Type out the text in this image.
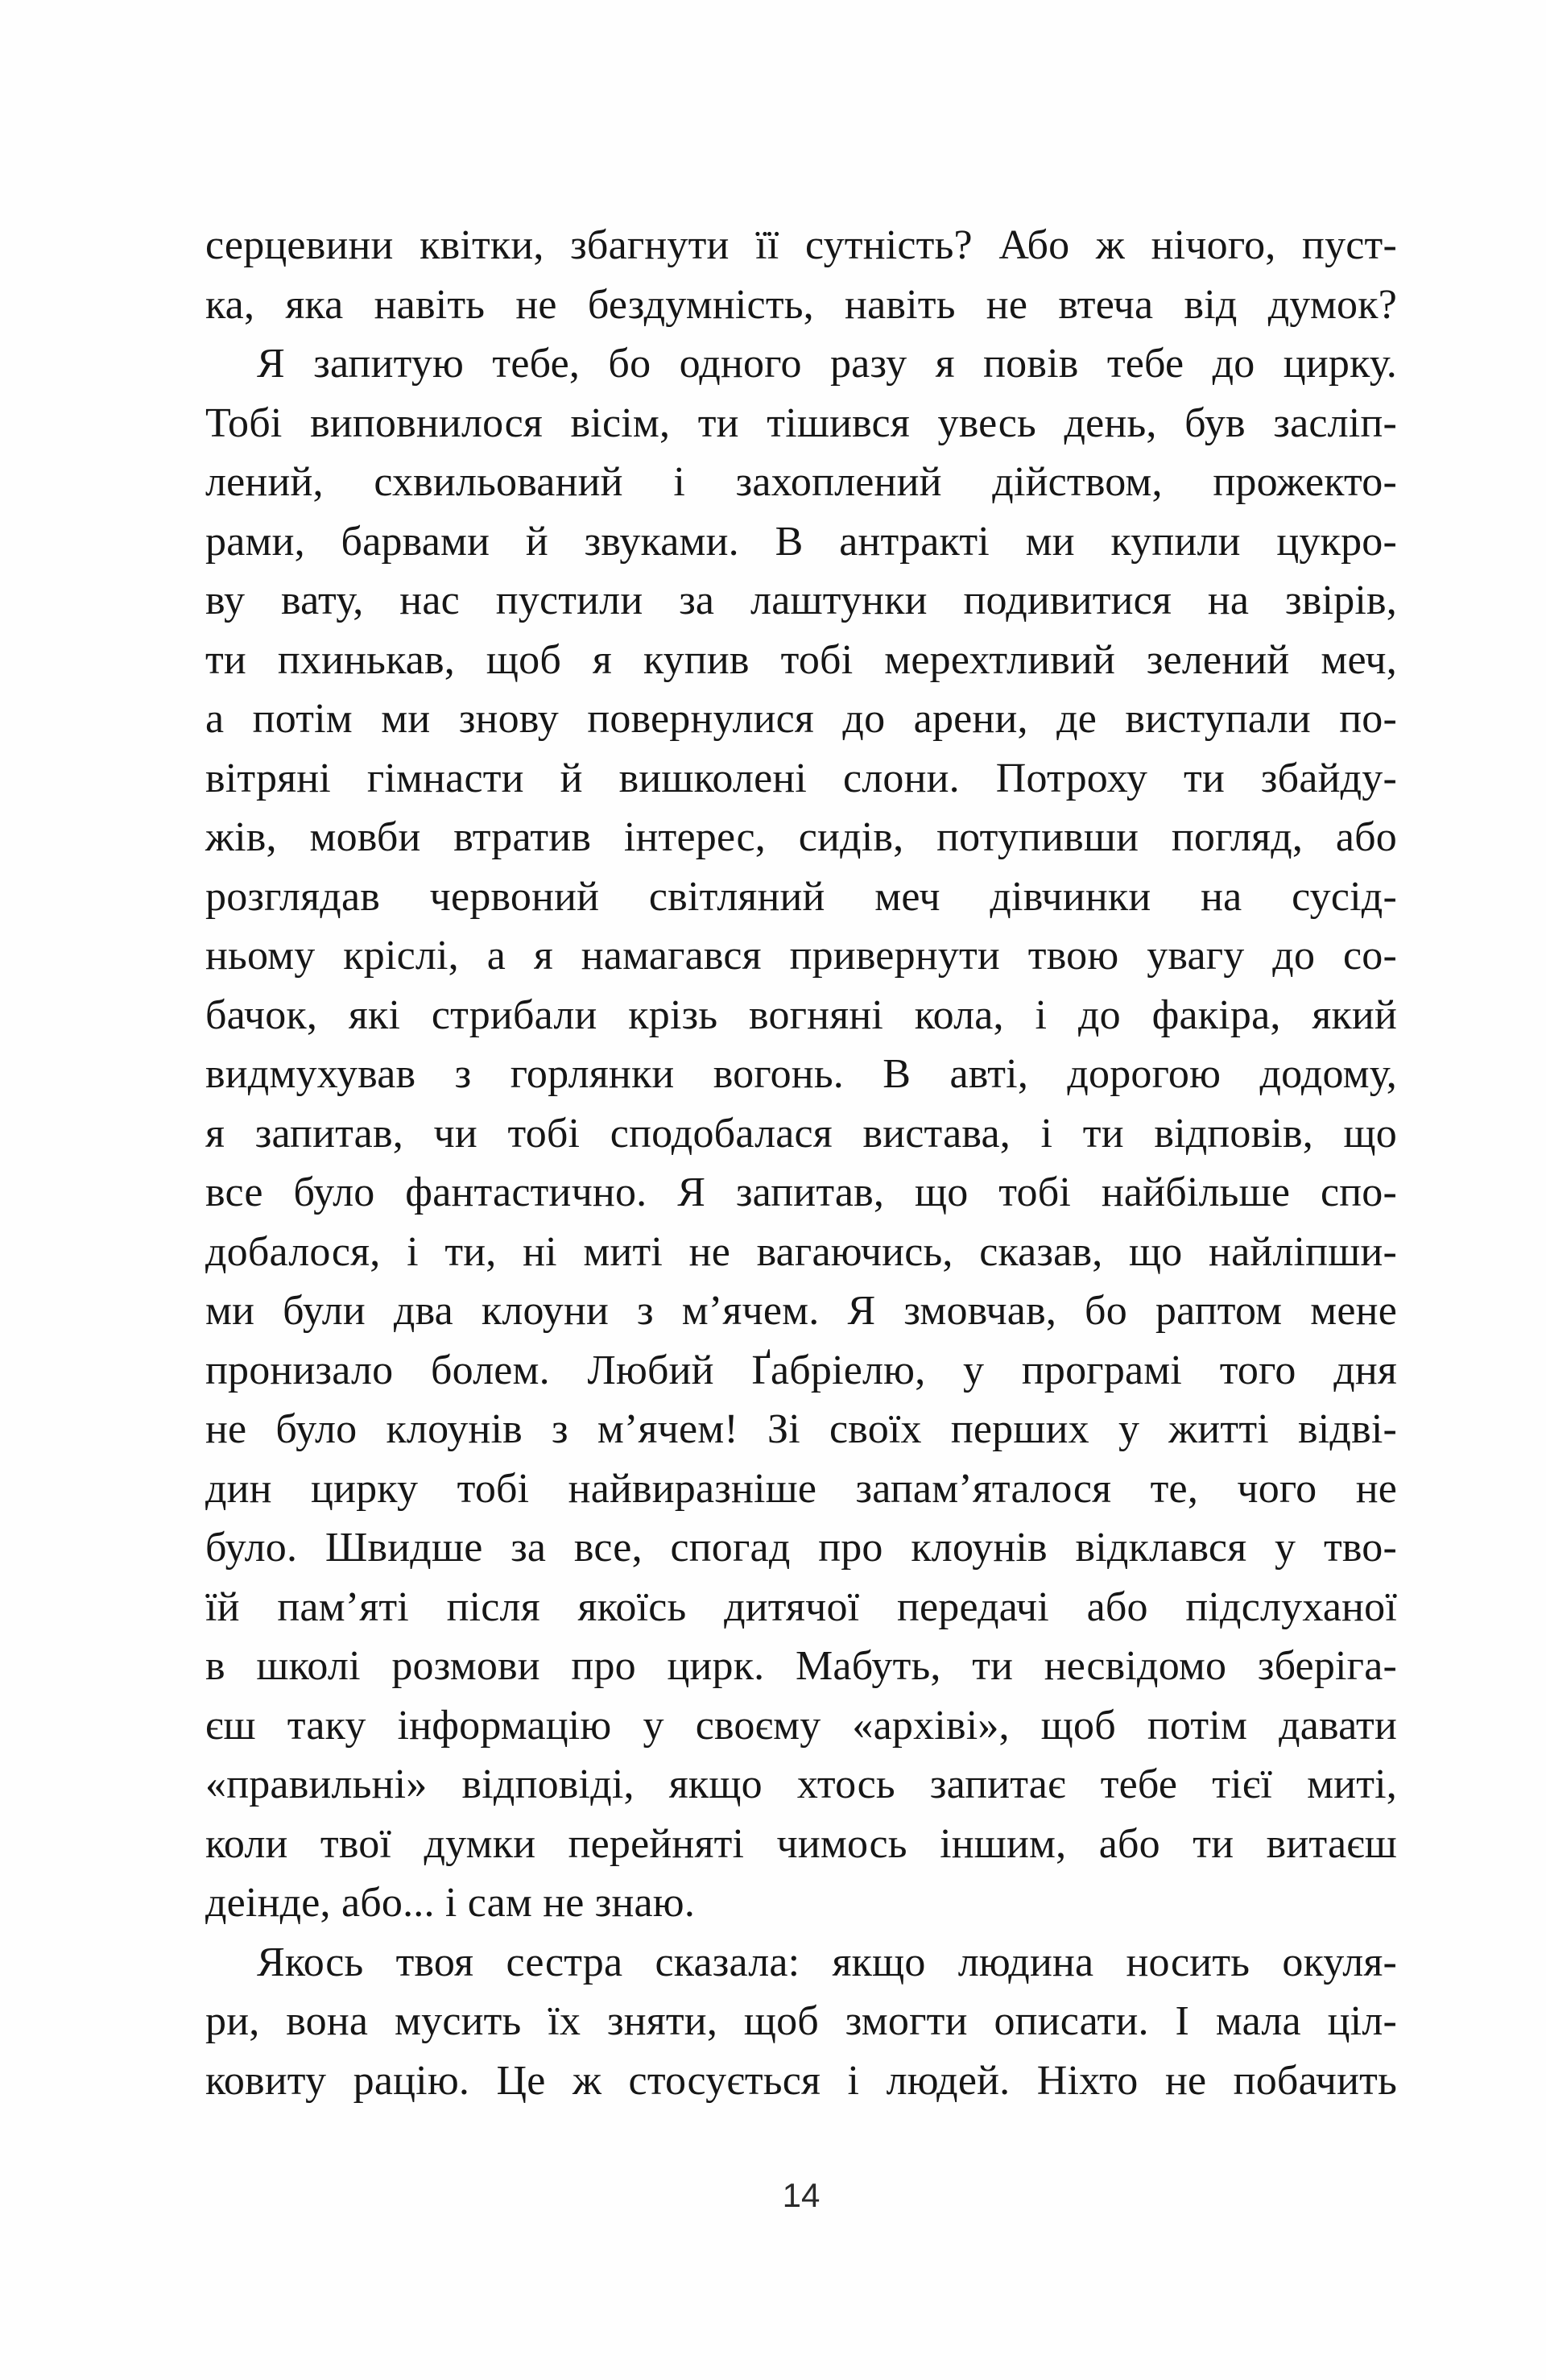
серцевини квітки, збагнути її сутність? Або ж нічого, пуст-
ка, яка навіть не бездумність, навіть не втеча від думок?
Я запитую тебе, бо одного разу я повів тебе до цирку.
Тобі виповнилося вісім, ти тішився увесь день, був засліп-
лений, схвильований і захоплений дійством, прожекто-
рами, барвами й звуками. В антракті ми купили цукро-
ву вату, нас пустили за лаштунки подивитися на звірів,
ти пхинькав, щоб я купив тобі мерехтливий зелений меч,
а потім ми знову повернулися до арени, де виступали по-
вітряні гімнасти й вишколені слони. Потроху ти збайду-
жів, мовби втратив інтерес, сидів, потупивши погляд, або
розглядав червоний світляний меч дівчинки на сусід-
ньому кріслі, а я намагався привернути твою увагу до со-
бачок, які стрибали крізь вогняні кола, і до факіра, який
видмухував з горлянки вогонь. В авті, дорогою додому,
я запитав, чи тобі сподобалася вистава, і ти відповів, що
все було фантастично. Я запитав, що тобі найбільше спо-
добалося, і ти, ні миті не вагаючись, сказав, що найліпши-
ми були два клоуни з м’ячем. Я змовчав, бо раптом мене
пронизало болем. Любий Ґабріелю, у програмі того дня
не було клоунів з м’ячем! Зі своїх перших у житті відві-
дин цирку тобі найвиразніше запам’яталося те, чого не
було. Швидше за все, спогад про клоунів відклався у тво-
їй пам’яті після якоїсь дитячої передачі або підслуханої
в школі розмови про цирк. Мабуть, ти несвідомо зберіга-
єш таку інформацію у своєму «архіві», щоб потім давати
«правильні» відповіді, якщо хтось запитає тебе тієї миті,
коли твої думки перейняті чимось іншим, або ти витаєш
деінде, або... і сам не знаю.
Якось твоя сестра сказала: якщо людина носить окуля-
ри, вона мусить їх зняти, щоб змогти описати. І мала ціл-
ковиту рацію. Це ж стосується і людей. Ніхто не побачить
14
